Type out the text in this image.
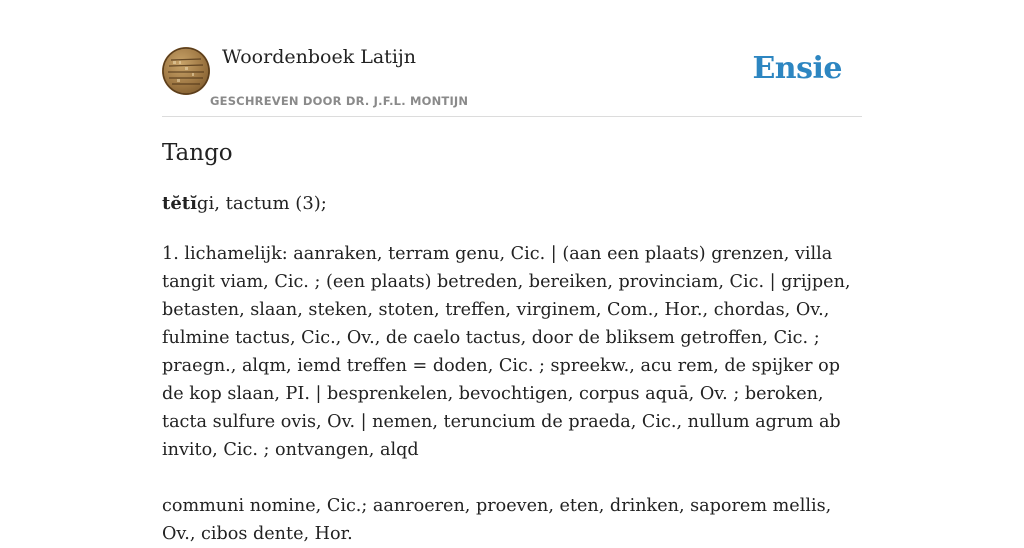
Woordenboek Latijn
GESCHREVEN DOOR DR. J.F.L. MONTIJN
Ensie
Tango
tĕtĭgi, tactum (3);

1. lichamelijk: aanraken, terram genu, Cic. | (aan een plaats) grenzen, villa tangit viam, Cic. ; (een plaats) betreden, bereiken, provinciam, Cic. | grijpen, betasten, slaan, steken, stoten, treffen, virginem, Com., Hor., chordas, Ov., fulmine tactus, Cic., Ov., de caelo tactus, door de bliksem getroffen, Cic. ; praegn., alqm, iemd treffen = doden, Cic. ; spreekw., acu rem, de spijker op de kop slaan, PI. | besprenkelen, bevochtigen, corpus aquā, Ov. ; beroken, tacta sulfure ovis, Ov. | nemen, teruncium de praeda, Cic., nullum agrum ab invito, Cic. ; ontvangen, alqd

communi nomine, Cic.; aanroeren, proeven, eten, drinken, saporem mellis, Ov., cibos dente, Hor.
